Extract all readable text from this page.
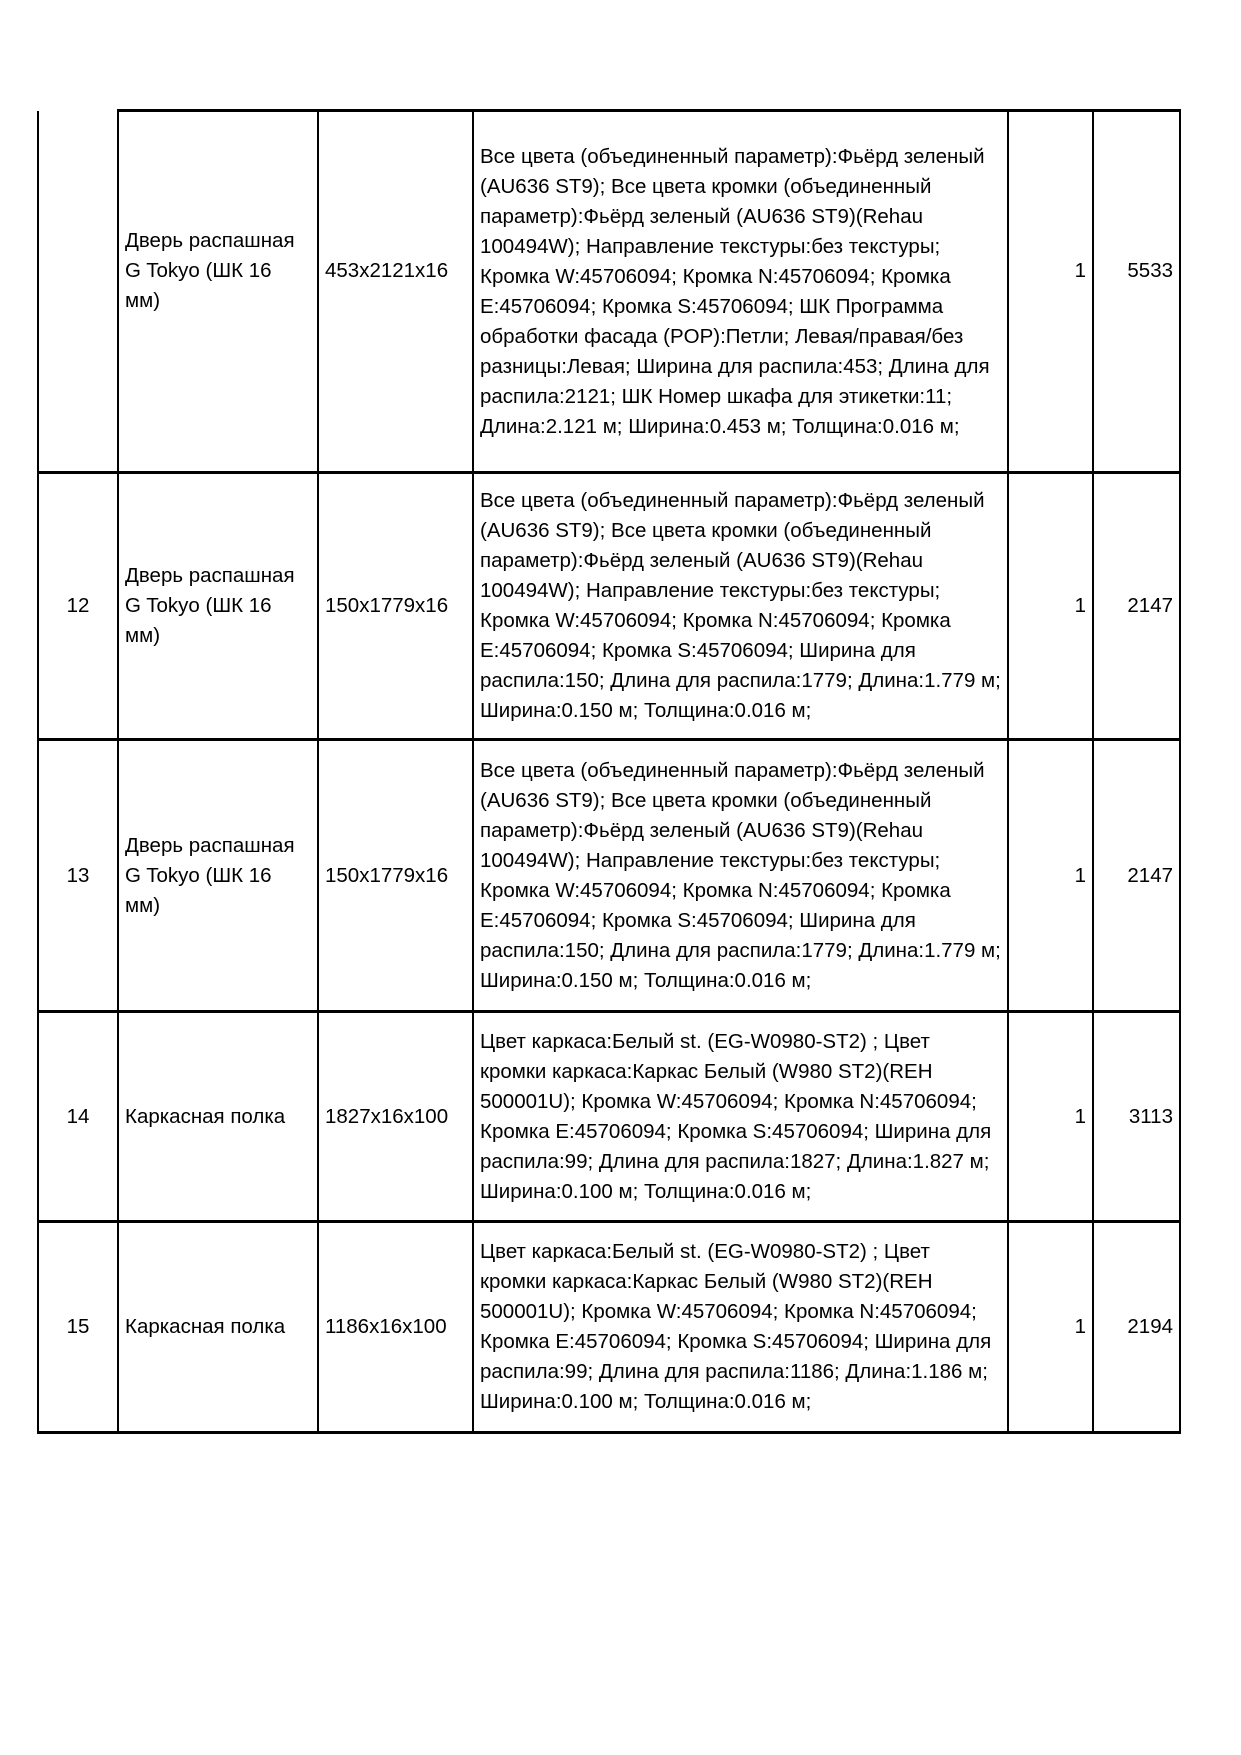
	Дверь распашная G Tokyo (ШК 16 мм)	453x2121x16	Все цвета (объединенный параметр):Фьёрд зеленый (AU636 ST9); Все цвета кромки (объединенный параметр):Фьёрд зеленый (AU636 ST9)(Rehau 100494W); Направление текстуры:без текстуры; Кромка W:45706094; Кромка N:45706094; Кромка E:45706094; Кромка S:45706094; ШК Программа обработки фасада (POP):Петли; Левая/правая/без разницы:Левая; Ширина для распила:453; Длина для распила:2121; ШК Номер шкафа для этикетки:11; Длина:2.121 м; Ширина:0.453 м; Толщина:0.016 м;	1	5533
12	Дверь распашная G Tokyo (ШК 16 мм)	150x1779x16	Все цвета (объединенный параметр):Фьёрд зеленый (AU636 ST9); Все цвета кромки (объединенный параметр):Фьёрд зеленый (AU636 ST9)(Rehau 100494W); Направление текстуры:без текстуры; Кромка W:45706094; Кромка N:45706094; Кромка E:45706094; Кромка S:45706094; Ширина для распила:150; Длина для распила:1779; Длина:1.779 м; Ширина:0.150 м; Толщина:0.016 м;	1	2147
13	Дверь распашная G Tokyo (ШК 16 мм)	150x1779x16	Все цвета (объединенный параметр):Фьёрд зеленый (AU636 ST9); Все цвета кромки (объединенный параметр):Фьёрд зеленый (AU636 ST9)(Rehau 100494W); Направление текстуры:без текстуры; Кромка W:45706094; Кромка N:45706094; Кромка E:45706094; Кромка S:45706094; Ширина для распила:150; Длина для распила:1779; Длина:1.779 м; Ширина:0.150 м; Толщина:0.016 м;	1	2147
14	Каркасная полка	1827x16x100	Цвет каркаса:Белый st. (EG-W0980-ST2) ; Цвет кромки каркаса:Каркас Белый (W980 ST2)(REH 500001U); Кромка W:45706094; Кромка N:45706094; Кромка E:45706094; Кромка S:45706094; Ширина для распила:99; Длина для распила:1827; Длина:1.827 м; Ширина:0.100 м; Толщина:0.016 м;	1	3113
15	Каркасная полка	1186x16x100	Цвет каркаса:Белый st. (EG-W0980-ST2) ; Цвет кромки каркаса:Каркас Белый (W980 ST2)(REH 500001U); Кромка W:45706094; Кромка N:45706094; Кромка E:45706094; Кромка S:45706094; Ширина для распила:99; Длина для распила:1186; Длина:1.186 м; Ширина:0.100 м; Толщина:0.016 м;	1	2194
